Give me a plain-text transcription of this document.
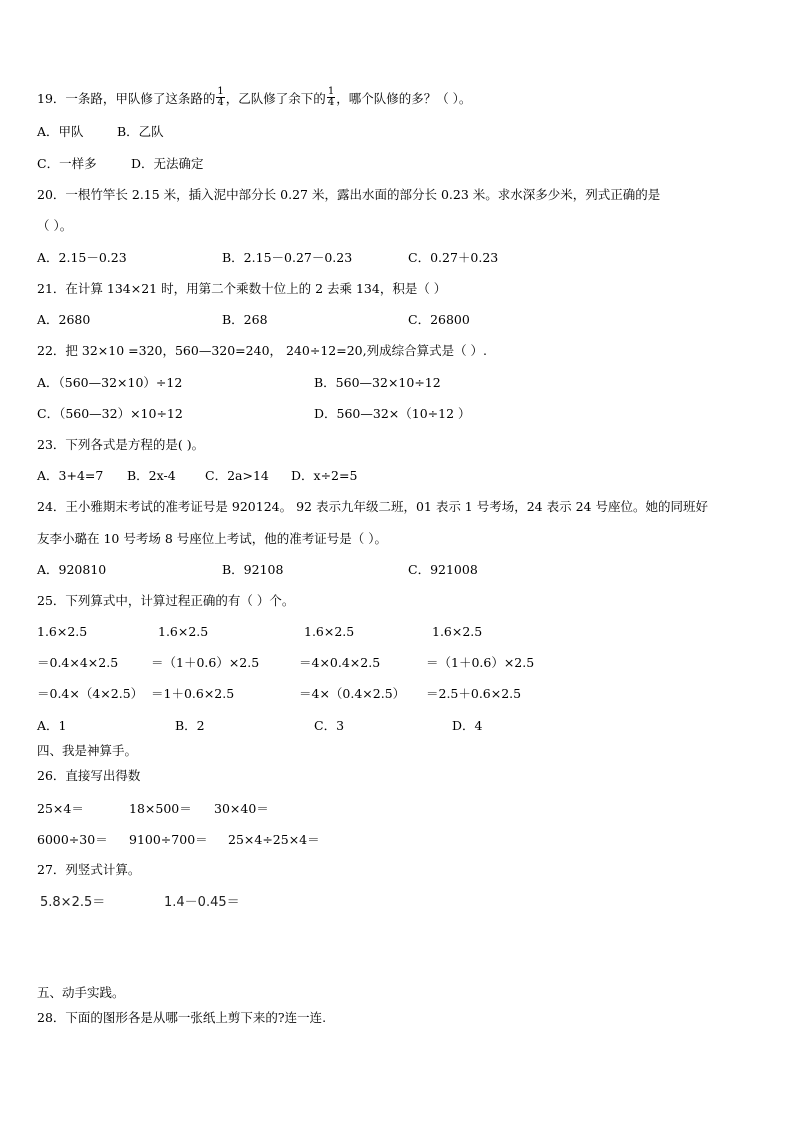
19．一条路，甲队修了这条路的 $\frac{1}{4}$ ，乙队修了余下的 $\frac{1}{4}$ ，哪个队修的多？（ ）。
A．甲队	B．乙队
C．一样多	D．无法确定
20．一根竹竿长 2.15 米，插入泥中部分长 0.27 米，露出水面的部分长 0.23 米。求水深多少米，列式正确的是
（ ）。
A．2.15－0.23	B．2.15－0.27－0.23	C．0.27＋0.23
21．在计算 134×21 时，用第二个乘数十位上的 2 去乘 134，积是（ ）
A．2680	B．268	C．26800
22．把 32×10 =320，560—320=240， 240÷12=20,列成综合算式是（ ）.
A．（560—32×10）÷12	B．560—32×10÷12
C．（560—32）×10÷12	D．560—32×（10÷12 ）
23．下列各式是方程的是( )。
A．3+4=7 B．2x-4 C．2a>14 D．x÷2=5
24．王小雅期末考试的准考证号是 920124。 92 表示九年级二班，01 表示 1 号考场，24 表示 24 号座位。她的同班好
友李小璐在 10 号考场 8 号座位上考试，他的准考证号是（ ）。
A．920810	B．92108	C．921008
25．下列算式中，计算过程正确的有（ ）个。
1.6×2.5	1.6×2.5	1.6×2.5	1.6×2.5
＝0.4×4×2.5	＝（1＋0.6）×2.5	＝4×0.4×2.5	＝（1＋0.6）×2.5
＝0.4×（4×2.5） ＝1＋0.6×2.5	＝4×（0.4×2.5） ＝2.5＋0.6×2.5
A．1	B．2	C．3	D．4
四、我是神算手。
26．直接写出得数
25×4＝	18×500＝ 30×40＝
6000÷30＝ 9100÷700＝ 25×4÷25×4＝
27．列竖式计算。
5.8×2.5＝	1.4－0.45＝
五、动手实践。
28．下面的图形各是从哪一张纸上剪下来的?连一连.
